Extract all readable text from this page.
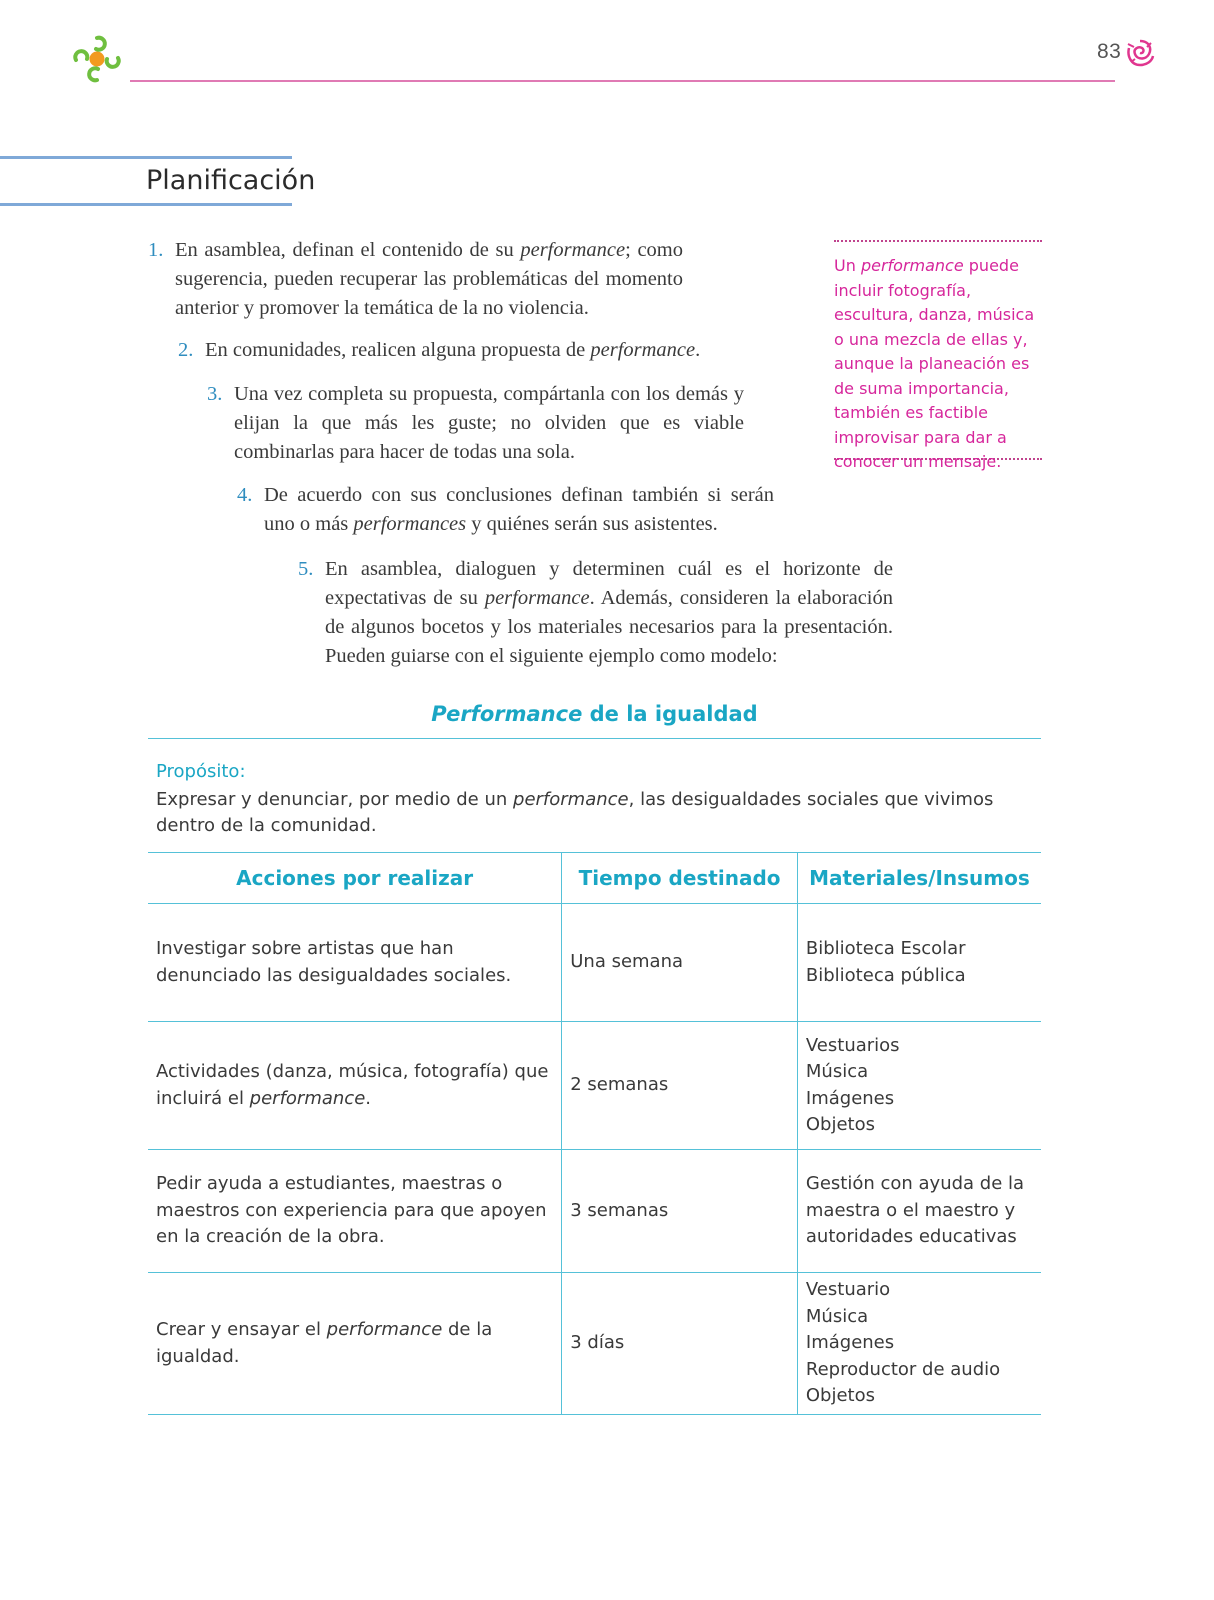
83
Planificación
1. En asamblea, definan el contenido de su performance; como sugerencia, pueden recuperar las problemáticas del momento anterior y promover la temática de la no violencia.
2. En comunidades, realicen alguna propuesta de performance.
3. Una vez completa su propuesta, compártanla con los demás y elijan la que más les guste; no olviden que es viable combinarlas para hacer de todas una sola.
4. De acuerdo con sus conclusiones definan también si serán uno o más performances y quiénes serán sus asistentes.
5. En asamblea, dialoguen y determinen cuál es el horizonte de expectativas de su performance. Además, consideren la elaboración de algunos bocetos y los materiales necesarios para la presentación. Pueden guiarse con el siguiente ejemplo como modelo:
Un performance puede incluir fotografía, escultura, danza, música o una mezcla de ellas y, aunque la planeación es de suma importancia, también es factible improvisar para dar a conocer un mensaje.
Performance de la igualdad
Propósito:
Expresar y denunciar, por medio de un performance, las desigualdades sociales que vivimos dentro de la comunidad.
Acciones por realizar	Tiempo destinado	Materiales/Insumos
Investigar sobre artistas que han denunciado las desigualdades sociales.	Una semana	Biblioteca Escolar
Biblioteca pública

Actividades (danza, música, fotografía) que incluirá el performance.	2 semanas	Vestuarios
Música
Imágenes
Objetos

Pedir ayuda a estudiantes, maestras o maestros con experiencia para que apoyen en la creación de la obra.	3 semanas	Gestión con ayuda de la
maestra o el maestro y
autoridades educativas

Crear y ensayar el performance de la igualdad.	3 días	Vestuario
Música
Imágenes
Reproductor de audio
Objetos
